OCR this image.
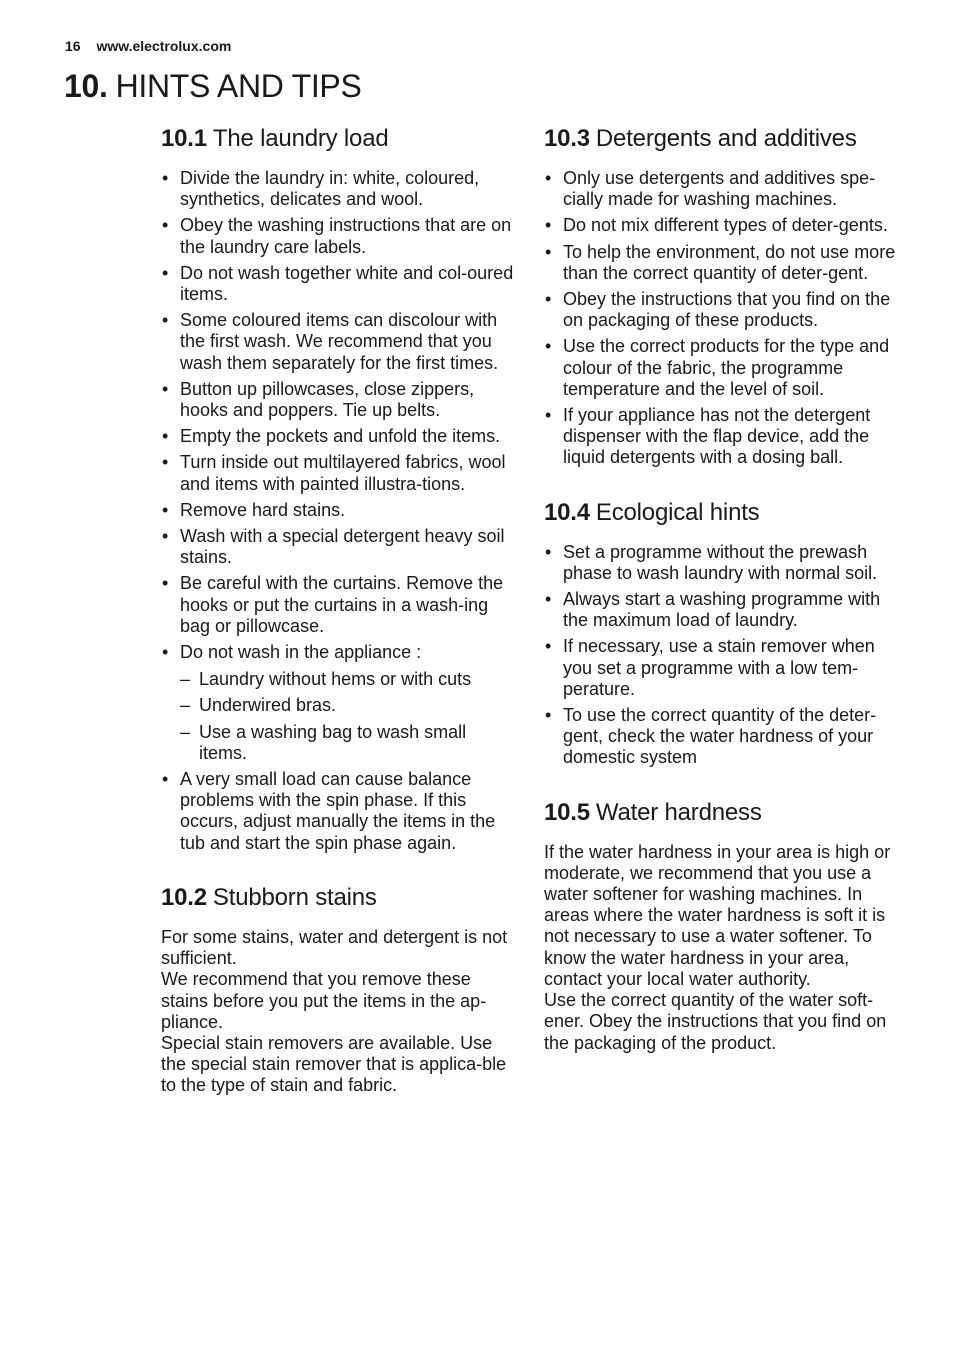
16 www.electrolux.com
10. HINTS AND TIPS
10.1 The laundry load
• Divide the laundry in: white, coloured, synthetics, delicates and wool.
• Obey the washing instructions that are on the laundry care labels.
• Do not wash together white and col-oured items.
• Some coloured items can discolour with the first wash. We recommend that you wash them separately for the first times.
• Button up pillowcases, close zippers, hooks and poppers. Tie up belts.
• Empty the pockets and unfold the items.
• Turn inside out multilayered fabrics, wool and items with painted illustra-tions.
• Remove hard stains.
• Wash with a special detergent heavy soil stains.
• Be careful with the curtains. Remove the hooks or put the curtains in a wash-ing bag or pillowcase.
• Do not wash in the appliance :
– Laundry without hems or with cuts
– Underwired bras.
– Use a washing bag to wash small items.
• A very small load can cause balance problems with the spin phase. If this occurs, adjust manually the items in the tub and start the spin phase again.
10.2 Stubborn stains

For some stains, water and detergent is not sufficient.
We recommend that you remove these stains before you put the items in the ap-pliance.
Special stain removers are available. Use the special stain remover that is applica-ble to the type of stain and fabric.

10.3 Detergents and additives
• Only use detergents and additives spe-cially made for washing machines.
• Do not mix different types of deter-gents.
• To help the environment, do not use more than the correct quantity of deter-gent.
• Obey the instructions that you find on the on packaging of these products.
• Use the correct products for the type and colour of the fabric, the programme temperature and the level of soil.
• If your appliance has not the detergent dispenser with the flap device, add the liquid detergents with a dosing ball.
10.4 Ecological hints
• Set a programme without the prewash phase to wash laundry with normal soil.
• Always start a washing programme with the maximum load of laundry.
• If necessary, use a stain remover when you set a programme with a low tem-perature.
• To use the correct quantity of the deter-gent, check the water hardness of your domestic system
10.5 Water hardness

If the water hardness in your area is high or moderate, we recommend that you use a water softener for washing machines. In areas where the water hardness is soft it is not necessary to use a water softener. To know the water hardness in your area, contact your local water authority.
Use the correct quantity of the water soft-ener. Obey the instructions that you find on the packaging of the product.
